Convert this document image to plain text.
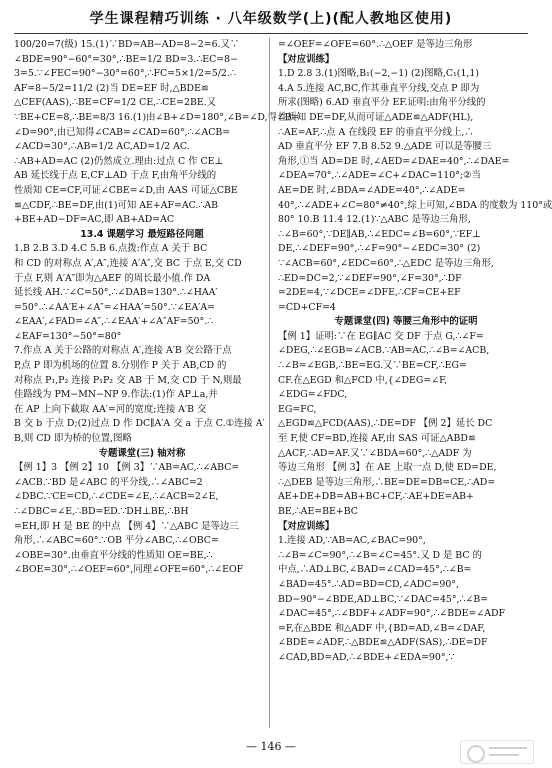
学生课程精巧训练 · 八年级数学(上)(配人教地区使用)
100/20=7(级) 15.(1)∵BD=AB−AD=8−2=6.又∵
∠BDE=90°−60°=30°,∴BE=1/2 BD=3.∴EC=8−
3=5.∵∠FEC=90°−30°=60°,∴FC=5×1/2=5/2.∴
AF=8−5/2=11/2 (2)当 DE=EF 时,△BDE≌
△CEF(AAS),∴BE=CF=1/2 CE,∴CE=2BE.又
∵BE+CE=8,∴BE=8/3 16.(1)由∠B+∠D=180°,∠B=∠D,得∠B=
∠D=90°,由已知得∠CAB=∠CAD=60°,∴∠ACB=
∠ACD=30°,∴AB=1/2 AC,AD=1/2 AC.
∴AB+AD=AC (2)仍然成立.理由:过点 C 作 CE⊥
AB 延长线于点 E,CF⊥AD 于点 F,由角平分线的
性质知 CE=CF,可证∠CBE=∠D,由 AAS 可证△CBE
≌△CDF,∴BE=DF,由(1)可知 AE+AF=AC.∴AB
+BE+AD−DF=AC,即 AB+AD=AC
13.4 课题学习 最短路径问题
1.B 2.B 3.D 4.C 5.B 6.点拨:作点 A 关于 BC
和 CD 的对称点 A′,A″,连接 A′A″,交 BC 于点 E,交 CD
于点 F,则 A′A″即为△AEF 的周长最小值.作 DA
延长线 AH.∵∠C=50°,∴∠DAB=130°.∴∠HAA′
=50°.∴∠AA′E+∠A″=∠HAA′=50°.∵∠EA′A=
∠EAA′,∠FAD=∠A″,∴∠EAA′+∠A″AF=50°.∴
∠EAF=130°−50°=80°
7.作点 A 关于公路的对称点 A′,连接 A′B 交公路于点
P,点 P 即为机场的位置 8.分别作 P 关于 AB,CD 的
对称点 P₁,P₂ 连接 P₁P₂ 交 AB 于 M,交 CD 于 N,则最
佳路线为 PM−MN−NP 9.作法:(1)作 AP⊥a,并
在 AP 上向下截取 AA′=河的宽度;连接 A′B 交
B 交 b 于点 D;(2)过点 D 作 DC∥A′A 交 a 于点 C.①连接 A′
B,则 CD 即为桥的位置,图略
专题课堂(三) 轴对称
【例 1】3 【例 2】10 【例 3】∵AB=AC,∴∠ABC=
∠ACB.∵BD 是∠ABC 的平分线,∴∠ABC=2
∠DBC.∵CE=CD,∴∠CDE=∠E,∴∠ACB=2∠E,
∴∠DBC=∠E,∴BD=ED.∵DH⊥BE,∴BH
=EH,即 H 是 BE 的中点 【例 4】∵△ABC 是等边三
角形,∴∠ABC=60°.∵OB 平分∠ABC,∴∠OBC=
∠OBE=30°.由垂直平分线的性质知 OE=BE,∴
∠BOE=30°,∴∠OEF=60°,同理∠OFE=60°,∴∠EOF
=∠OEF=∠OFE=60°.∴△OEF 是等边三角形
【对应训练】
1.D 2.8 3.(1)图略,B₁(−2,−1) (2)图略,C₁(1,1)
4.A 5.连接 AC,BC,作其垂直平分线,交点 P 即为
所求(图略) 6.AD 垂直平分 EF.证明:由角平分线的
性质知 DE=DF,从而可证△ADE≌△ADF(HL),
∴AE=AF,∴点 A 在线段 EF 的垂直平分线上,∴
AD 垂直平分 EF 7.B 8.52 9.△ADE 可以是等腰三
角形,①当 AD=DE 时,∠AED=∠DAE=40°,∴∠DAE=
∠DEA=70°,∴∠ADE=∠C+∠DAC=110°;②当
AE=DE 时,∠BDA=∠ADE=40°,∴∠ADE=
40°,∴∠ADE+∠C=80°≠40°,综上可知,∠BDA 的度数为 110°或
80° 10.B 11.4 12.(1)∵△ABC 是等边三角形,
∴∠B=60°,∵DE∥AB,∴∠EDC=∠B=60°,∵EF⊥
DE,∴∠DEF=90°,∴∠F=90°−∠EDC=30° (2)
∵∠ACB=60°,∠EDC=60°,∴△EDC 是等边三角形,
∴ED=DC=2,∵∠DEF=90°,∠F=30°,∴DF
=2DE=4,∵∠DCE=∠DFE,∴CF=CE+EF
=CD+CF=4
专题课堂(四) 等腰三角形中的证明
【例 1】证明:∵在 EG∥AC 交 DF 于点 G,∴∠F=
∠DEG,∴∠EGB=∠ACB.∵AB=AC,∴∠B=∠ACB,
∴∠B=∠EGB,∴BE=EG.又∵BE=CF,∴EG=
CF.在△EGD 和△FCD 中,{∠DEG=∠F,
∠EDG=∠FDC,
EG=FC,
△EGD≌△FCD(AAS),∴DE=DF 【例 2】延长 DC
至 F,使 CF=BD,连接 AF,由 SAS 可证△ABD≌
△ACF,∴AD=AF.又∵∠BDA=60°,∴△ADF 为
等边三角形 【例 3】在 AE 上取一点 D,使 ED=DE,
∴△DEB 是等边三角形,∴BE=DE=DB=CE,∴AD=
AE+DE+DB=AB+BC+CF,∴AE+DE=AB+
BE,∴AE=BE+BC
【对应训练】
1.连接 AD,∵AB=AC,∠BAC=90°,
∴∠B=∠C=90°,∴∠B=∠C=45°.又 D 是 BC 的
中点,∴AD⊥BC,∠BAD=∠CAD=45°,∴∠B=
∠BAD=45°.∴AD=BD=CD,∠ADC=90°,
BD−90°−∠BDE,AD⊥BC,∵∠DAC=45°,∴∠B=
∠DAC=45°,∴∠BDF+∠ADF=90°,∴∠BDE=∠ADF
=F,在△BDE 和△ADF 中,{BD=AD,∠B=∠DAF,
∠BDE=∠ADF,∴△BDE≌△ADF(SAS),∴DE=DF
∠CAD,BD=AD,∴∠BDE+∠EDA=90°,∵
— 146 —
